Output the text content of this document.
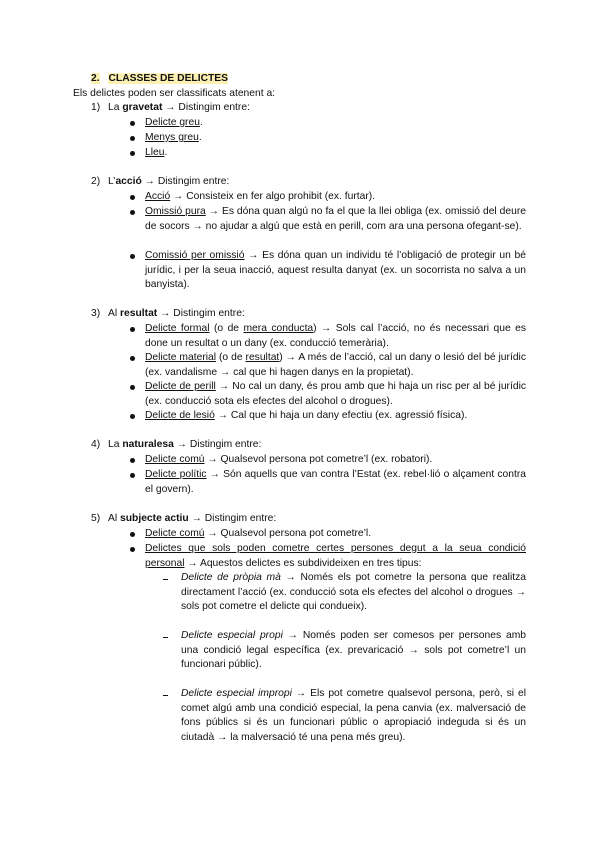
2. CLASSES DE DELICTES
Els delictes poden ser classificats atenent a:
1) La gravetat → Distingim entre:
Delicte greu.
Menys greu.
Lleu.
2) L’acció → Distingim entre:
Acció → Consisteix en fer algo prohibit (ex. furtar).
Omissió pura → Es dóna quan algú no fa el que la llei obliga (ex. omissió del deure de socors → no ajudar a algú que està en perill, com ara una persona ofegant-se).
Comissió per omissió → Es dóna quan un individu té l’obligació de protegir un bé jurídic, i per la seua inacció, aquest resulta danyat (ex. un socorrista no salva a un banyista).
3) Al resultat → Distingim entre:
Delicte formal (o de mera conducta) → Sols cal l’acció, no és necessari que es done un resultat o un dany (ex. conducció temerària).
Delicte material (o de resultat) → A més de l’acció, cal un dany o lesió del bé jurídic (ex. vandalisme → cal que hi hagen danys en la propietat).
Delicte de perill → No cal un dany, és prou amb que hi haja un risc per al bé jurídic (ex. conducció sota els efectes del alcohol o drogues).
Delicte de lesió → Cal que hi haja un dany efectiu (ex. agressió física).
4) La naturalesa → Distingim entre:
Delicte comú → Qualsevol persona pot cometre’l (ex. robatori).
Delicte polític → Són aquells que van contra l’Estat (ex. rebel·lió o alçament contra el govern).
5) Al subjecte actiu → Distingim entre:
Delicte comú → Qualsevol persona pot cometre’l.
Delictes que sols poden cometre certes persones degut a la seua condició personal → Aquestos delictes es subdivideixen en tres tipus:
Delicte de pròpia mà → Només els pot cometre la persona que realitza directament l’acció (ex. conducció sota els efectes del alcohol o drogues → sols pot cometre el delicte qui condueix).
Delicte especial propi → Només poden ser comesos per persones amb una condició legal específica (ex. prevaricació → sols pot cometre’l un funcionari públic).
Delicte especial impropi → Els pot cometre qualsevol persona, però, si el comet algú amb una condició especial, la pena canvia (ex. malversació de fons públics si és un funcionari públic o apropiació indeguda si és un ciutadà → la malversació té una pena més greu).
